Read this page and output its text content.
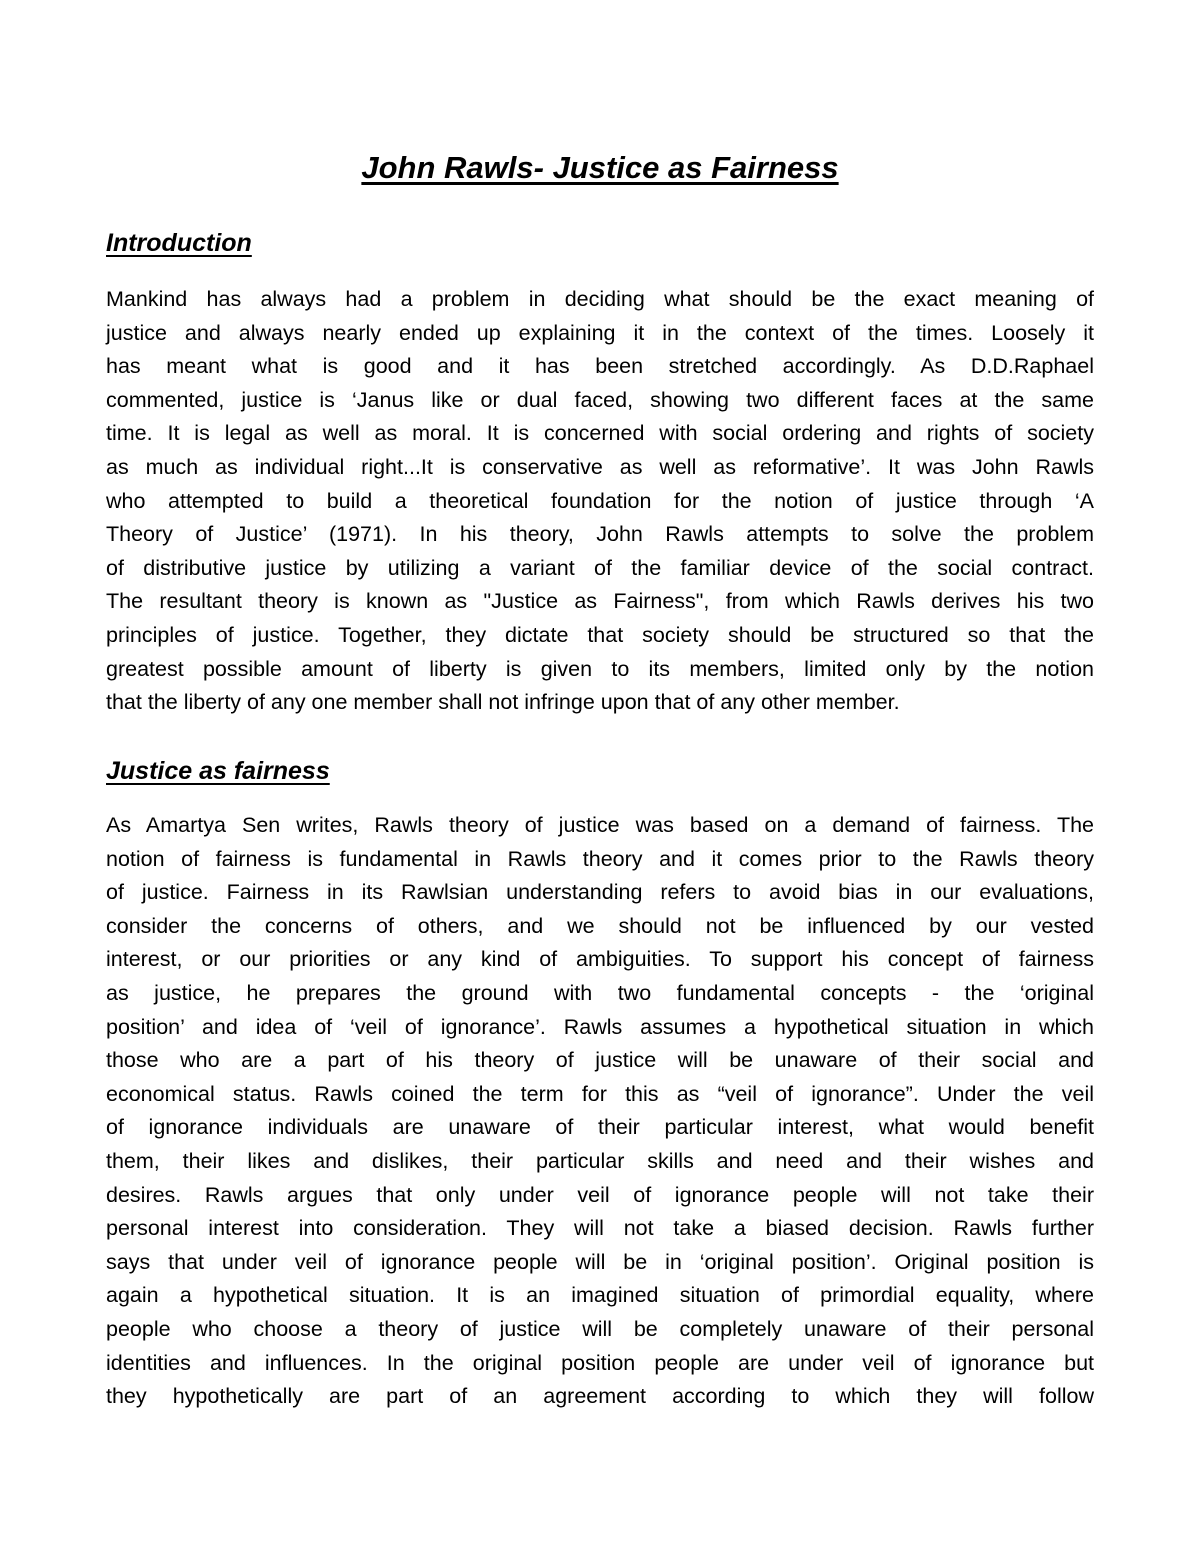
John Rawls- Justice as Fairness
Introduction
Mankind has always had a problem in deciding what should be the exact meaning of
justice and always nearly ended up explaining it in the context of the times. Loosely it
has meant what is good and it has been stretched accordingly. As D.D.Raphael
commented, justice is ‘Janus like or dual faced, showing two different faces at the same
time. It is legal as well as moral. It is concerned with social ordering and rights of society
as much as individual right...It is conservative as well as reformative’. It was John Rawls
who attempted to build a theoretical foundation for the notion of justice through ‘A
Theory of Justice’ (1971). In his theory, John Rawls attempts to solve the problem
of distributive justice by utilizing a variant of the familiar device of the social contract.
The resultant theory is known as "Justice as Fairness", from which Rawls derives his two
principles of justice. Together, they dictate that society should be structured so that the
greatest possible amount of liberty is given to its members, limited only by the notion
that the liberty of any one member shall not infringe upon that of any other member.
Justice as fairness
As Amartya Sen writes, Rawls theory of justice was based on a demand of fairness. The
notion of fairness is fundamental in Rawls theory and it comes prior to the Rawls theory
of justice. Fairness in its Rawlsian understanding refers to avoid bias in our evaluations,
consider the concerns of others, and we should not be influenced by our vested
interest, or our priorities or any kind of ambiguities. To support his concept of fairness
as justice, he prepares the ground with two fundamental concepts - the ‘original
position’ and idea of ‘veil of ignorance’. Rawls assumes a hypothetical situation in which
those who are a part of his theory of justice will be unaware of their social and
economical status. Rawls coined the term for this as “veil of ignorance”. Under the veil
of ignorance individuals are unaware of their particular interest, what would benefit
them, their likes and dislikes, their particular skills and need and their wishes and
desires. Rawls argues that only under veil of ignorance people will not take their
personal interest into consideration. They will not take a biased decision. Rawls further
says that under veil of ignorance people will be in ‘original position’. Original position is
again a hypothetical situation. It is an imagined situation of primordial equality, where
people who choose a theory of justice will be completely unaware of their personal
identities and influences. In the original position people are under veil of ignorance but
they hypothetically are part of an agreement according to which they will follow
